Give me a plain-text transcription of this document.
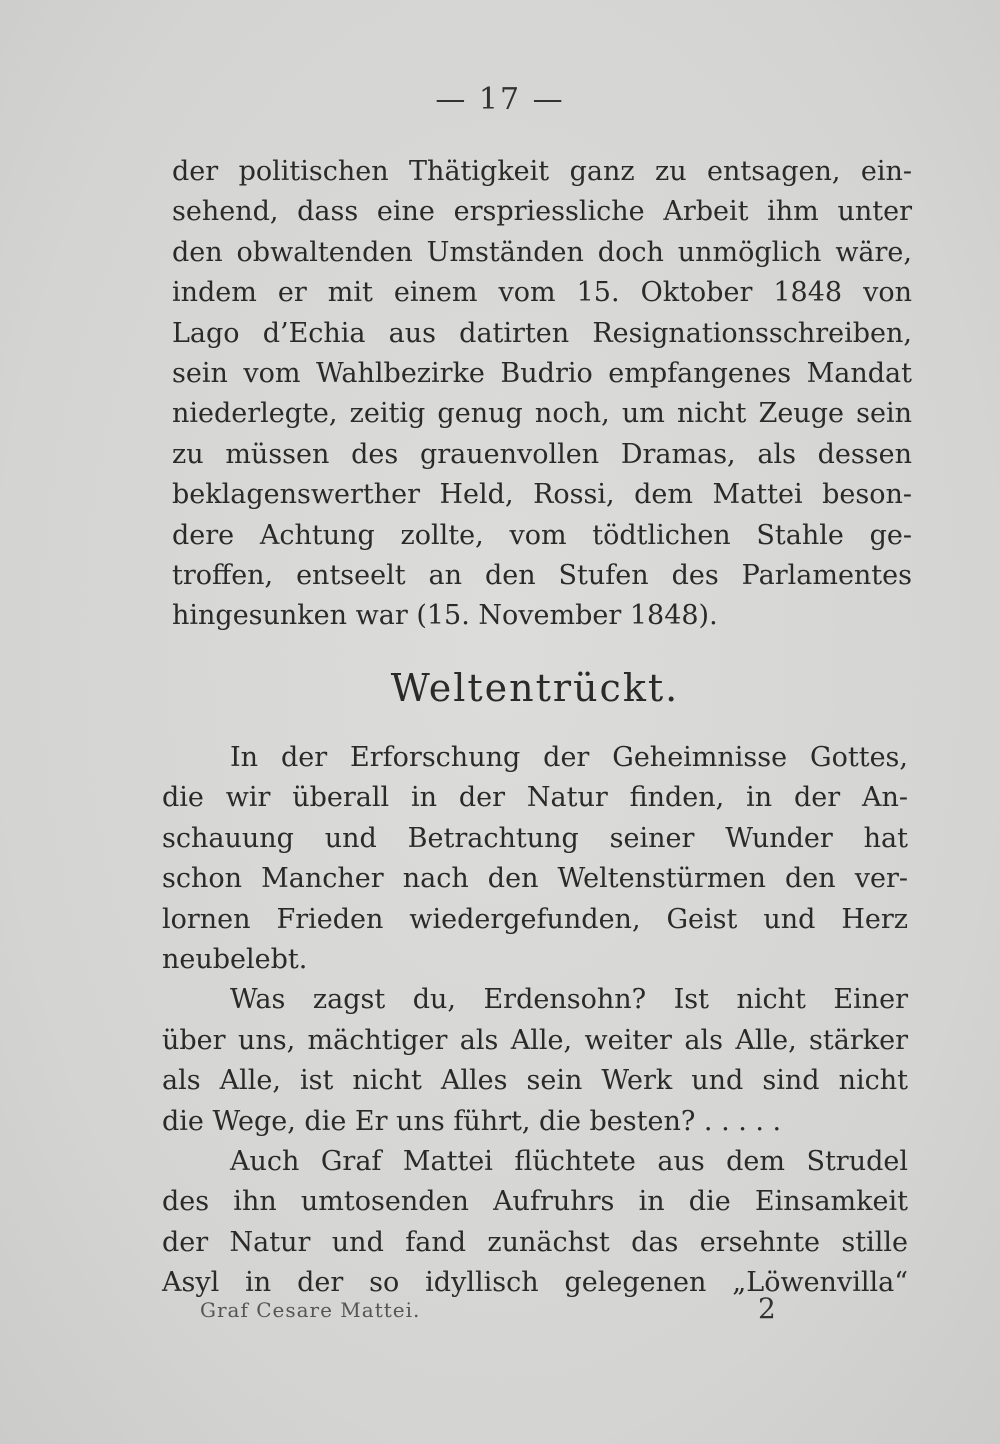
— 17 —
der politischen Thätigkeit ganz zu entsagen, ein-
sehend, dass eine erspriessliche Arbeit ihm unter
den obwaltenden Umständen doch unmöglich wäre,
indem er mit einem vom 15. Oktober 1848 von
Lago d’Echia aus datirten Resignationsschreiben,
sein vom Wahlbezirke Budrio empfangenes Mandat
niederlegte, zeitig genug noch, um nicht Zeuge sein
zu müssen des grauenvollen Dramas, als dessen
beklagenswerther Held, Rossi, dem Mattei beson-
dere Achtung zollte, vom tödtlichen Stahle ge-
troffen, entseelt an den Stufen des Parlamentes
hingesunken war (15. November 1848).
Weltentrückt.
In der Erforschung der Geheimnisse Gottes,
die wir überall in der Natur finden, in der An-
schauung und Betrachtung seiner Wunder hat
schon Mancher nach den Weltenstürmen den ver-
lornen Frieden wiedergefunden, Geist und Herz
neubelebt.
Was zagst du, Erdensohn? Ist nicht Einer
über uns, mächtiger als Alle, weiter als Alle, stärker
als Alle, ist nicht Alles sein Werk und sind nicht
die Wege, die Er uns führt, die besten? . . . . .
Auch Graf Mattei flüchtete aus dem Strudel
des ihn umtosenden Aufruhrs in die Einsamkeit
der Natur und fand zunächst das ersehnte stille
Asyl in der so idyllisch gelegenen „Löwenvilla“
Graf Cesare Mattei.	2
